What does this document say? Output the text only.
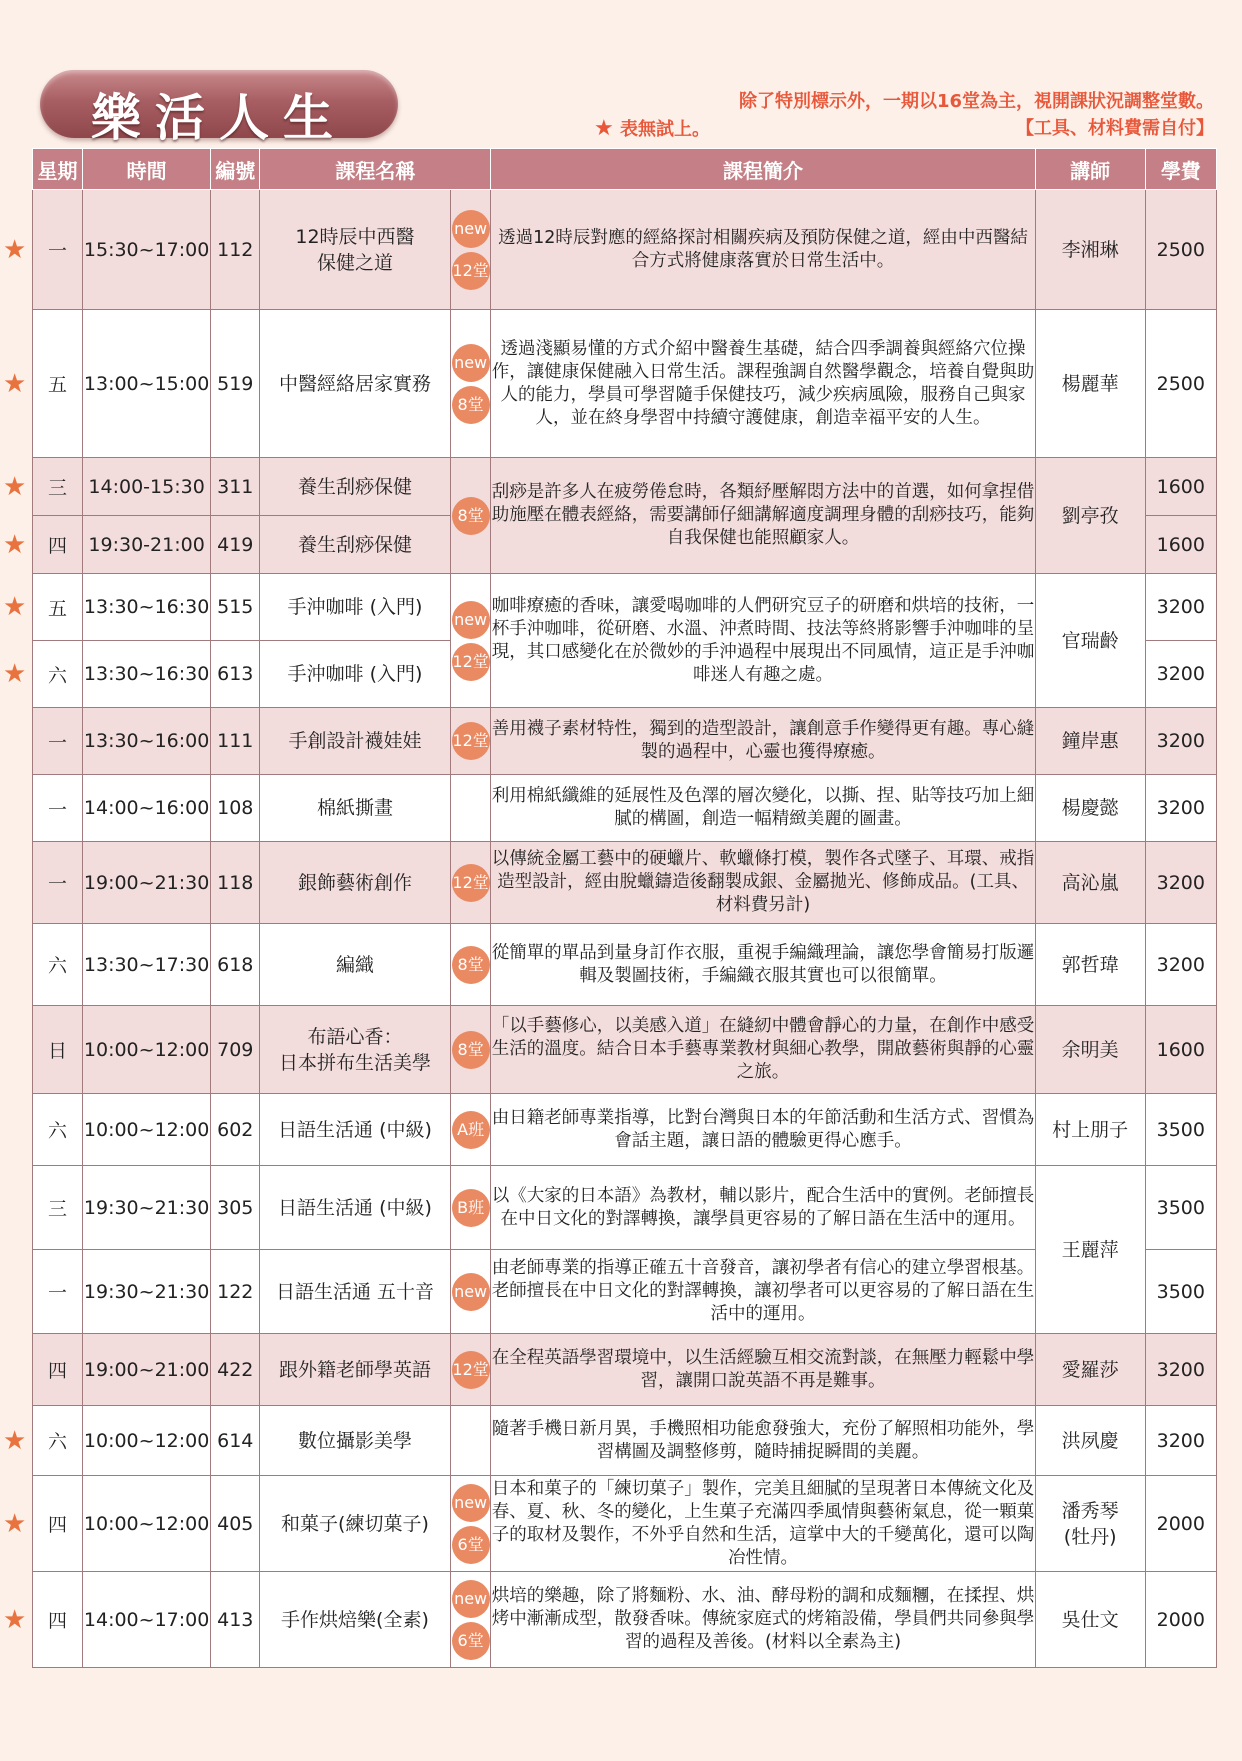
樂活人生	除了特別標示外，一期以16堂為主，視開課狀況調整堂數。
★ 表無試上。	【工具、材料費需自付】
星期	時間	編號	課程名稱		課程簡介	講師	學費

★ 一	15:30~17:00	112	12時辰中西醫
保健之道	new
12堂	透過12時辰對應的經絡探討相關疾病及預防保健之道，經由中西醫結合方式將健康落實於日常生活中。	李湘琳	2500

★ 五	13:00~15:00	519	中醫經絡居家實務	new
8堂	透過淺顯易懂的方式介紹中醫養生基礎，結合四季調養與經絡穴位操作，讓健康保健融入日常生活。課程強調自然醫學觀念，培養自覺與助人的能力，學員可學習隨手保健技巧，減少疾病風險，服務自己與家人，並在終身學習中持續守護健康，創造幸福平安的人生。	楊麗華	2500

★ 三	14:00-15:30	311	養生刮痧保健	8堂	刮痧是許多人在疲勞倦怠時，各類紓壓解悶方法中的首選，如何拿捏借助施壓在體表經絡，需要講師仔細講解適度調理身體的刮痧技巧，能夠自我保健也能照顧家人。	劉亭孜	1600

★ 四	19:30-21:00	419	養生刮痧保健				1600

★ 五	13:30~16:30	515	手沖咖啡 (入門)	new
12堂	咖啡療癒的香味，讓愛喝咖啡的人們研究豆子的研磨和烘培的技術，一杯手沖咖啡，從研磨、水溫、沖煮時間、技法等終將影響手沖咖啡的呈現，其口感變化在於微妙的手沖過程中展現出不同風情，這正是手沖咖啡迷人有趣之處。	官瑞齡	3200

★ 六	13:30~16:30	613	手沖咖啡 (入門)				3200
一	13:30~16:00	111	手創設計襪娃娃	12堂	善用襪子素材特性，獨到的造型設計，讓創意手作變得更有趣。專心縫製的過程中，心靈也獲得療癒。	鐘岸惠	3200
一	14:00~16:00	108	棉紙撕畫		利用棉紙纖維的延展性及色澤的層次變化，以撕、捏、貼等技巧加上細膩的構圖，創造一幅精緻美麗的圖畫。	楊慶懿	3200
一	19:00~21:30	118	銀飾藝術創作	12堂	以傳統金屬工藝中的硬蠟片、軟蠟條打模，製作各式墜子、耳環、戒指造型設計，經由脫蠟鑄造後翻製成銀、金屬拋光、修飾成品。(工具、材料費另計)	高沁嵐	3200
六	13:30~17:30	618	編織	8堂	從簡單的單品到量身訂作衣服，重視手編織理論，讓您學會簡易打版邏輯及製圖技術，手編織衣服其實也可以很簡單。	郭哲瑋	3200
日	10:00~12:00	709	布語心香：
日本拼布生活美學	8堂	「以手藝修心，以美感入道」在縫紉中體會靜心的力量，在創作中感受生活的溫度。結合日本手藝專業教材與細心教學，開啟藝術與靜的心靈之旅。	余明美	1600
六	10:00~12:00	602	日語生活通 (中級)	A班	由日籍老師專業指導，比對台灣與日本的年節活動和生活方式、習慣為會話主題，讓日語的體驗更得心應手。	村上朋子	3500
三	19:30~21:30	305	日語生活通 (中級)	B班	以《大家的日本語》為教材，輔以影片，配合生活中的實例。老師擅長在中日文化的對譯轉換，讓學員更容易的了解日語在生活中的運用。	王麗萍	3500
一	19:30~21:30	122	日語生活通 五十音	new	由老師專業的指導正確五十音發音，讓初學者有信心的建立學習根基。老師擅長在中日文化的對譯轉換，讓初學者可以更容易的了解日語在生活中的運用。		3500
四	19:00~21:00	422	跟外籍老師學英語	12堂	在全程英語學習環境中，以生活經驗互相交流對談，在無壓力輕鬆中學習，讓開口說英語不再是難事。	愛羅莎	3200

★ 六	10:00~12:00	614	數位攝影美學		隨著手機日新月異，手機照相功能愈發強大，充份了解照相功能外，學習構圖及調整修剪，隨時捕捉瞬間的美麗。	洪夙慶	3200

★ 四	10:00~12:00	405	和菓子(練切菓子)	new
6堂	日本和菓子的「練切菓子」製作，完美且細膩的呈現著日本傳統文化及春、夏、秋、冬的變化，上生菓子充滿四季風情與藝術氣息，從一顆菓子的取材及製作，不外乎自然和生活，這掌中大的千變萬化，還可以陶冶性情。	潘秀琴
(牡丹)	2000

★ 四	14:00~17:00	413	手作烘焙樂(全素)	new
6堂	烘培的樂趣，除了將麵粉、水、油、酵母粉的調和成麵糰，在揉捏、烘烤中漸漸成型，散發香味。傳統家庭式的烤箱設備，學員們共同參與學習的過程及善後。(材料以全素為主)	吳仕文	2000
